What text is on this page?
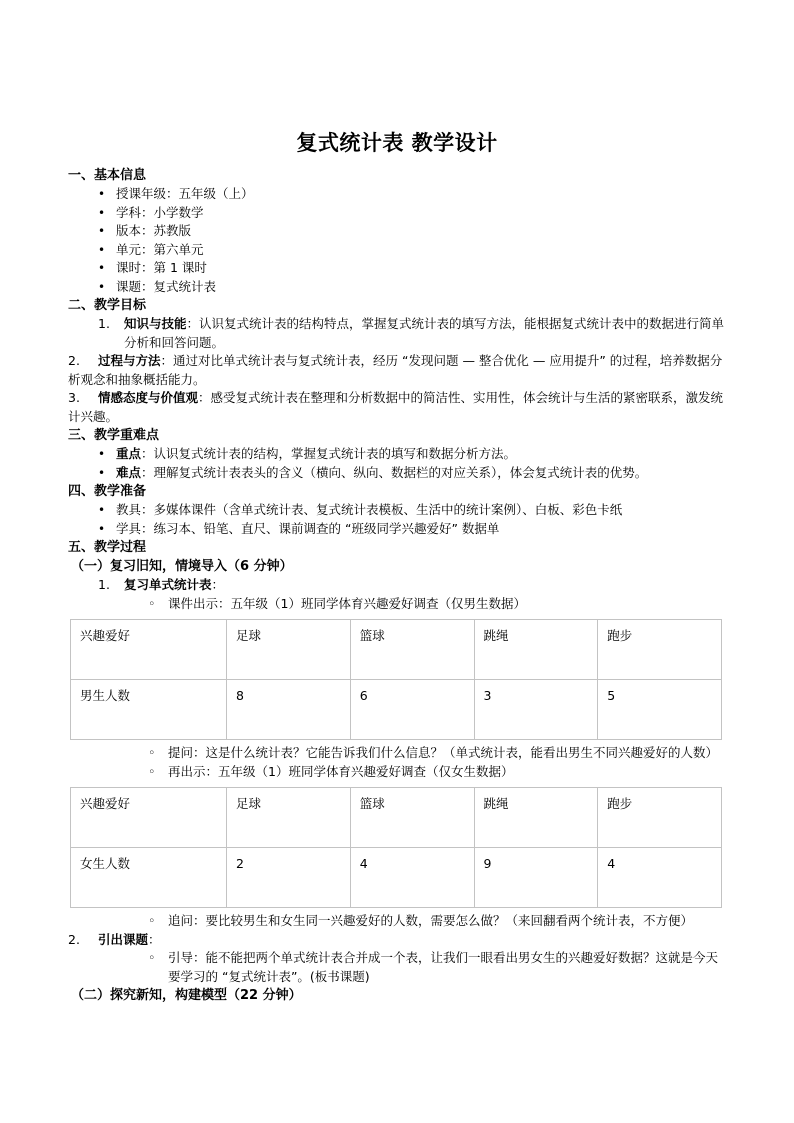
复式统计表 教学设计
一、基本信息
• 授课年级：五年级（上）
• 学科：小学数学
• 版本：苏教版
• 单元：第六单元
• 课时：第 1 课时
• 课题：复式统计表
二、教学目标
知识与技能：认识复式统计表的结构特点，掌握复式统计表的填写方法，能根据复式统计表中的数据进行简单分析和回答问题。
2. 过程与方法：通过对比单式统计表与复式统计表，经历 “发现问题 — 整合优化 — 应用提升” 的过程，培养数据分析观念和抽象概括能力。
3. 情感态度与价值观：感受复式统计表在整理和分析数据中的简洁性、实用性，体会统计与生活的紧密联系，激发统计兴趣。
三、教学重难点
• 重点：认识复式统计表的结构，掌握复式统计表的填写和数据分析方法。
• 难点：理解复式统计表表头的含义（横向、纵向、数据栏的对应关系），体会复式统计表的优势。
四、教学准备
• 教具：多媒体课件（含单式统计表、复式统计表模板、生活中的统计案例）、白板、彩色卡纸
• 学具：练习本、铅笔、直尺、课前调查的 “班级同学兴趣爱好” 数据单
五、教学过程
（一）复习旧知，情境导入（6 分钟）
复习单式统计表：
◦ 课件出示：五年级（1）班同学体育兴趣爱好调查（仅男生数据）
兴趣爱好	足球	篮球	跳绳	跑步
男生人数	8	6	3	5
◦ 提问：这是什么统计表？它能告诉我们什么信息？（单式统计表，能看出男生不同兴趣爱好的人数）
◦ 再出示：五年级（1）班同学体育兴趣爱好调查（仅女生数据）
兴趣爱好	足球	篮球	跳绳	跑步
女生人数	2	4	9	4
◦ 追问：要比较男生和女生同一兴趣爱好的人数，需要怎么做？（来回翻看两个统计表，不方便）
2. 引出课题：
◦ 引导：能不能把两个单式统计表合并成一个表，让我们一眼看出男女生的兴趣爱好数据？这就是今天要学习的 “复式统计表”。(板书课题)
（二）探究新知，构建模型（22 分钟）
